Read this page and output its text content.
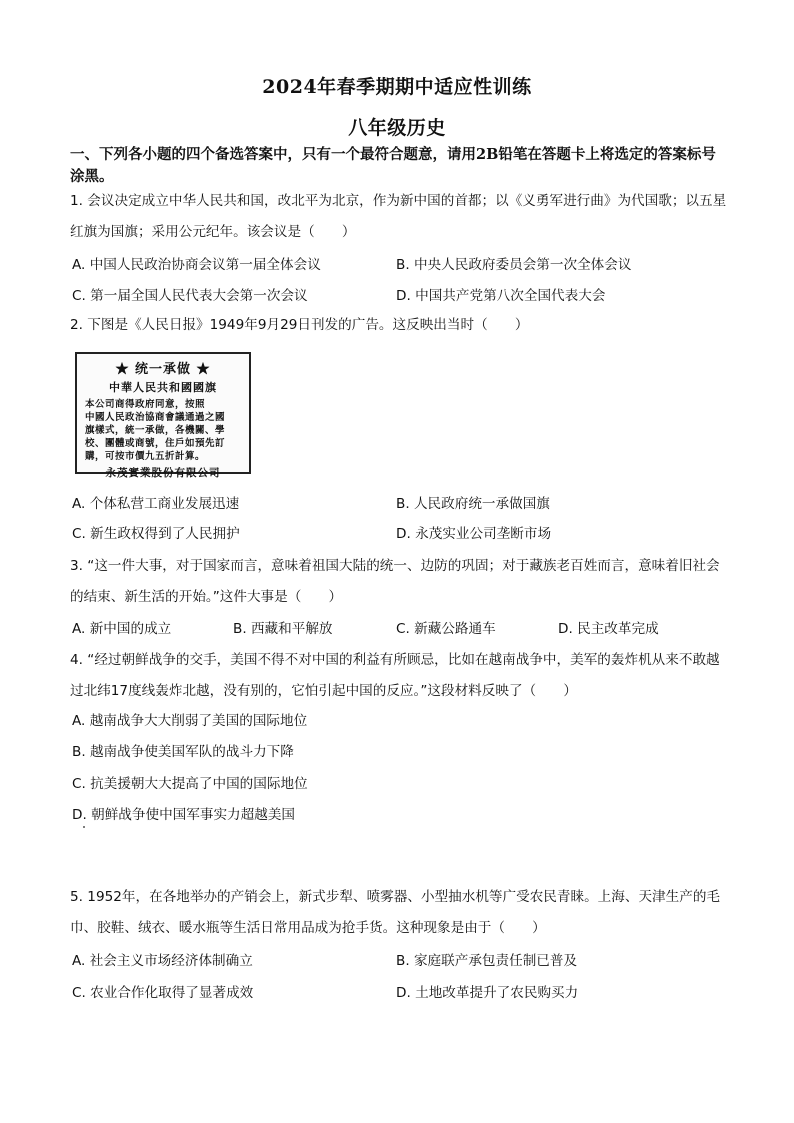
2024年春季期期中适应性训练
八年级历史
一、下列各小题的四个备选答案中，只有一个最符合题意，请用2B铅笔在答题卡上将选定的答案标号涂黑。
1. 会议决定成立中华人民共和国，改北平为北京，作为新中国的首都；以《义勇军进行曲》为代国歌；以五星红旗为国旗；采用公元纪年。该会议是（　　）
A. 中国人民政治协商会议第一届全体会议	B. 中央人民政府委员会第一次全体会议
C. 第一届全国人民代表大会第一次会议	D. 中国共产党第八次全国代表大会
2. 下图是《人民日报》1949年9月29日刊发的广告。这反映出当时（　　）
★ 统一承做 ★
中華人民共和國國旗
本公司商得政府同意，按照
中國人民政治協商會議通過之國
旗樣式，統一承做，各機關、學
校、團體或商號，住戶如預先訂
購，可按市價九五折計算。
永茂實業股份有限公司
A. 个体私营工商业发展迅速	B. 人民政府统一承做国旗
C. 新生政权得到了人民拥护	D. 永茂实业公司垄断市场
3. “这一件大事，对于国家而言，意味着祖国大陆的统一、边防的巩固；对于藏族老百姓而言，意味着旧社会的结束、新生活的开始。”这件大事是（　　）
A. 新中国的成立	B. 西藏和平解放	C. 新藏公路通车	D. 民主改革完成
4. “经过朝鲜战争的交手，美国不得不对中国的利益有所顾忌，比如在越南战争中，美军的轰炸机从来不敢越过北纬17度线轰炸北越，没有别的，它怕引起中国的反应。”这段材料反映了（　　）
A. 越南战争大大削弱了美国的国际地位
B. 越南战争使美国军队的战斗力下降
C. 抗美援朝大大提高了中国的国际地位
D. 朝鲜战争使中国军事实力超越美国
5. 1952年，在各地举办的产销会上，新式步犁、喷雾器、小型抽水机等广受农民青睐。上海、天津生产的毛巾、胶鞋、绒衣、暖水瓶等生活日常用品成为抢手货。这种现象是由于（　　）
A. 社会主义市场经济体制确立	B. 家庭联产承包责任制已普及
C. 农业合作化取得了显著成效	D. 土地改革提升了农民购买力
